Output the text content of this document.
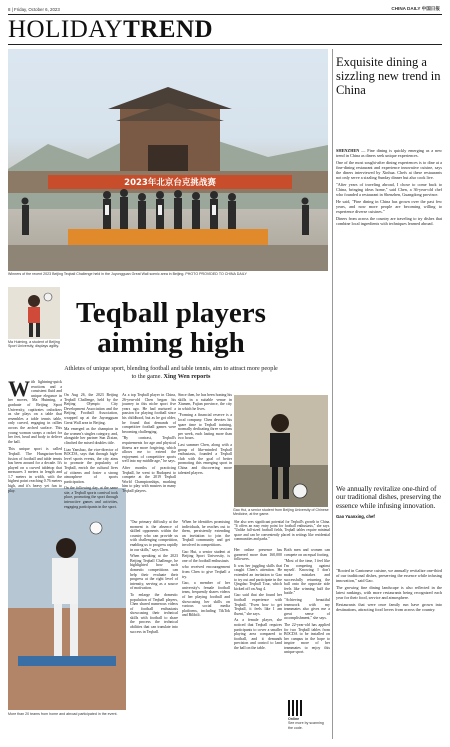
8 | Friday, October 6, 2023	CHINA DAILY 中国日报
HOLIDAYTREND
2023年北京台克挑战赛
Winners of the recent 2023 Beijing Teqball Challenge held in the Juyongguan Great Wall scenic area in Beijing. PHOTO PROVIDED TO CHINA DAILY
Ma Huiming, a student of Beijing Sport University, displays agility.
Teqball players aiming high
Athletes of unique sport, blending football and table tennis, aim to attract more people to the game. Xing Wen reports
Gao Hui, a senior student from Beijing University of Chinese Medicine, at the game.

With lightning-quick reactions and a consistent fluid and unique elegance in her moves, Ma Huiming, a graduate of Beijing Sport University, captivates onlookers as she plays on a table that resembles a table tennis table, only curved, engaging in rallies across the arched surface. This young woman swaps a racket for her feet, head and body to deliver the ball.

This unique sport is called Teqball. The Hungarian-born fusion of football and table tennis has been around for a decade. It's played on a curved tabletop that measures 3 meters in length and 1.7 meters in width, with the highest point reaching 0.76 meters high, and it's heavy yet fun to play.

On Aug 26, the 2023 Beijing Teqball Challenge, held by the Beijing Olympic City Development Association and the Beijing Football Association, wrapped up at the Juyongguan Great Wall area in Beijing.

Ma emerged as the champion in the women's singles category, and, alongside her partner Sun Zixian, clinched the mixed doubles title.

Liao Yanshuo, the vice-director of BOCDA, says that through high-level sports events, the city aims to promote the popularity of Teqball, enrich the cultural lives of citizens and foster a strong atmosphere of sports participation.

On the following day, at the same site, a Teqball sports carnival took place, promoting the sport through interactive games and activities, engaging participants in the sport.

As a top Teqball player in China, 26-year-old Chen began his journey in this niche sport five years ago. He had nurtured a passion for playing football since his childhood, but as he got older, he found that demands of competitive football games were becoming challenging.

"By contrast, Teqball's requirements for age and physical fitness are more forgiving, which allows me to extend the enjoyment of competitive sports well into my middle age," he says.

After months of practicing Teqball, he went to Budapest to compete at the 2019 Teqball World Championships, marking him to play with masters in many Teqball players.

Since then, he has been honing his skills in a suitable venue in Xiamen, Fujian province, the city in which he lives.

"Forming a financial reserve is a local company. Chen devotes his spare time to Teqball training, normally dedicating three sessions per week, each lasting more than two hours.

Last summer Chen, along with a group of like-minded Teqball enthusiasts, founded a Teqball club with the goal of better promoting this emerging sport in China and discovering more talented players.

"Our primary difficulty at the moment is the absence of skilled opponents within the country who can provide us with challenging competition, enabling us to progress rapidly in our skills," says Chen.

When speaking at the 2023 Beijing Teqball Challenge, he highlighted how such domestic competitions can help their evaluate their progress at the right level of intensity, serving as a source of motivation.

To enlarge the domestic population of Teqball players, Chen shared numerous videos of football enthusiasts showcasing their technical skills with football to share the process the technical abilities that can translate into success in Teqball.

When he identifies promising individuals, he reaches out to them, persistently extending an invitation to join the Teqball community and get involved in competitions.

Gao Hui, a senior student at Beijing Sport University, is one of the football enthusiasts

who received encouragement from Chen to give Teqball a try.

Gao, a member of her university's female football team, frequently shares videos of her playing football and showcasing her skills on various social media platforms, including TikTok and Bilibili.

Her online presence has garnered more than 160,000 followers.

It was her juggling skills that caught Chen's attention. He extended an invitation to Gao to try out and participate in the Qingdao Teqball Tour, which kicked off on Aug 4.

Gao said that she found her football experience with Teqball. "Even how to get Teqball, it feels like I am fluent," she says.

As a female player, she noticed that Teqball requires participants to cover a smaller playing area compared to football, and it demands precision and control to land the ball on the table.

Both men and women can compete on an equal footing.

"Most of the time, I feel like I'm competing against myself. Knowing I don't make mistakes and successfully returning the ball onto the opposite side feels like winning half the battle."

"Achieving beautiful teamwork with my teammates also gives me a great sense of accomplishment," she says.

The 22-year-old has applied for two Teqball tables from BOCDA to be installed on her campus in the hope to inspire more of her teammates to enjoy this unique sport.

She also sees significant potential for Teqball's growth in China. "It offers an easy entry point for football enthusiasts," she says. "Unlike full-sized football fields, Teqball tables require minimal space and can be conveniently placed in settings like residential communities and parks."

Online
See more by scanning the code.
More than 20 teams from home and abroad participated in the event.
Exquisite dining a sizzling new trend in China

SHENZHEN — Fine dining is quickly emerging as a new trend in China as diners seek unique experiences.

One of the most sought-after dining experiences is to dine at a fine-dining restaurant and experience innovative cuisine, says the diners interviewed by Xinhua. Chefs at these restaurants not only serve a sizzling Sunday dinner but also cook live.

"After years of traveling abroad, I chose to come back to China, bringing ideas home," said Chen, a 36-year-old chef who founded a restaurant in Shenzhen, Guangdong province.

He said, "Fine dining in China has grown over the past few years, and now more people are becoming willing to experience diverse cuisines."

Diners from across the country are traveling to try dishes that combine local ingredients with techniques learned abroad.

We annually revitalize one-third of our traditional dishes, preserving the essence while infusing innovation.
Gao Yuanxing, chef

"Rooted in Cantonese cuisine, we annually revitalize one-third of our traditional dishes, preserving the essence while infusing innovation," said Gao.

The growing fine dining landscape is also reflected in the latest rankings, with more restaurants being recognized each year for their food, service and atmosphere.

Restaurants that were once family run have grown into destinations, attracting food lovers from across the country.
